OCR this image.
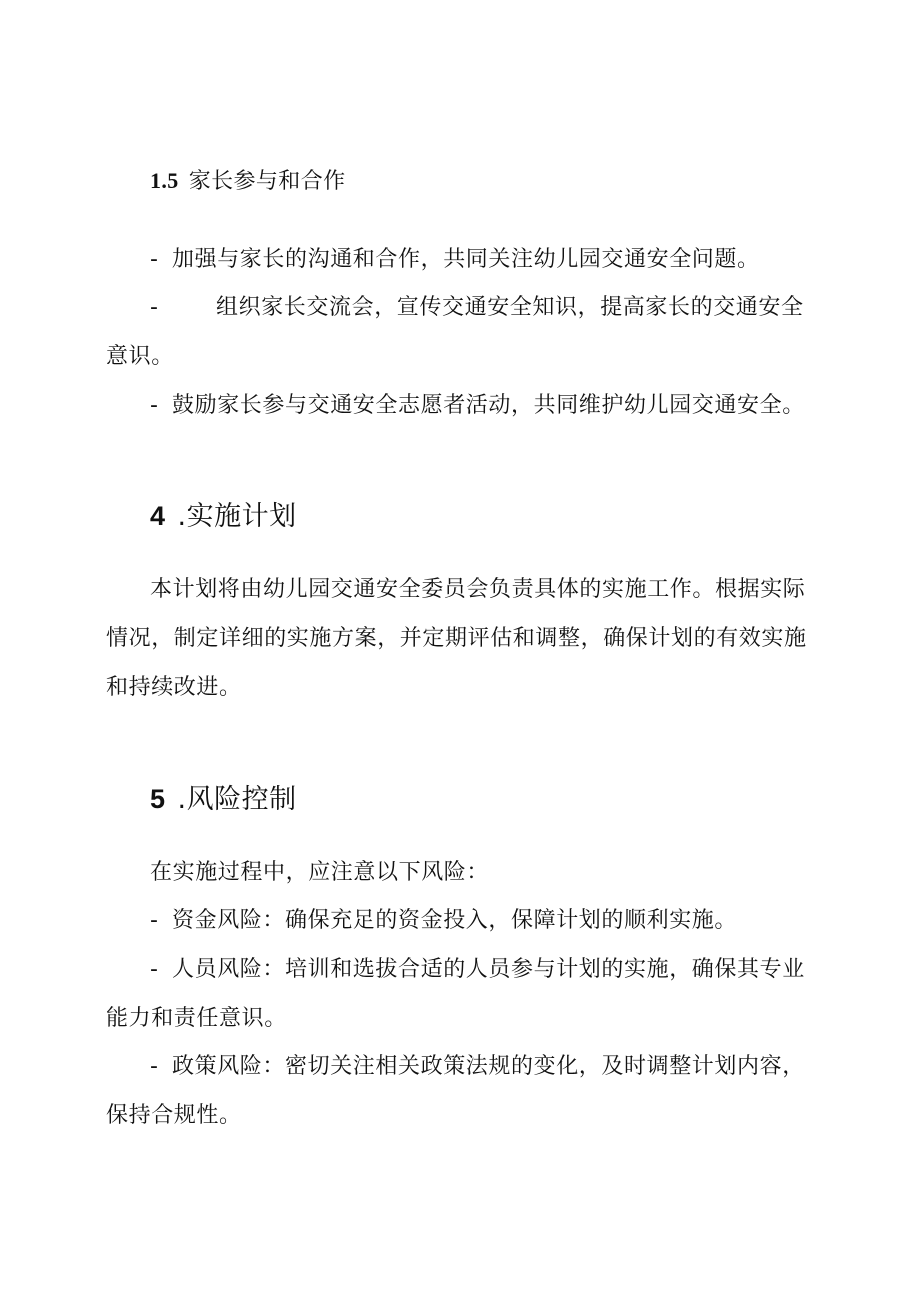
1.5 家长参与和合作
- 加强与家长的沟通和合作，共同关注幼儿园交通安全问题。
-	组织家长交流会，宣传交通安全知识，提高家长的交通安全
意识。
- 鼓励家长参与交通安全志愿者活动，共同维护幼儿园交通安全。
4 .实施计划
本计划将由幼儿园交通安全委员会负责具体的实施工作。根据实际
情况，制定详细的实施方案，并定期评估和调整，确保计划的有效实施
和持续改进。
5 .风险控制
在实施过程中，应注意以下风险：
- 资金风险：确保充足的资金投入，保障计划的顺利实施。
- 人员风险：培训和选拔合适的人员参与计划的实施，确保其专业
能力和责任意识。
- 政策风险：密切关注相关政策法规的变化，及时调整计划内容，
保持合规性。
